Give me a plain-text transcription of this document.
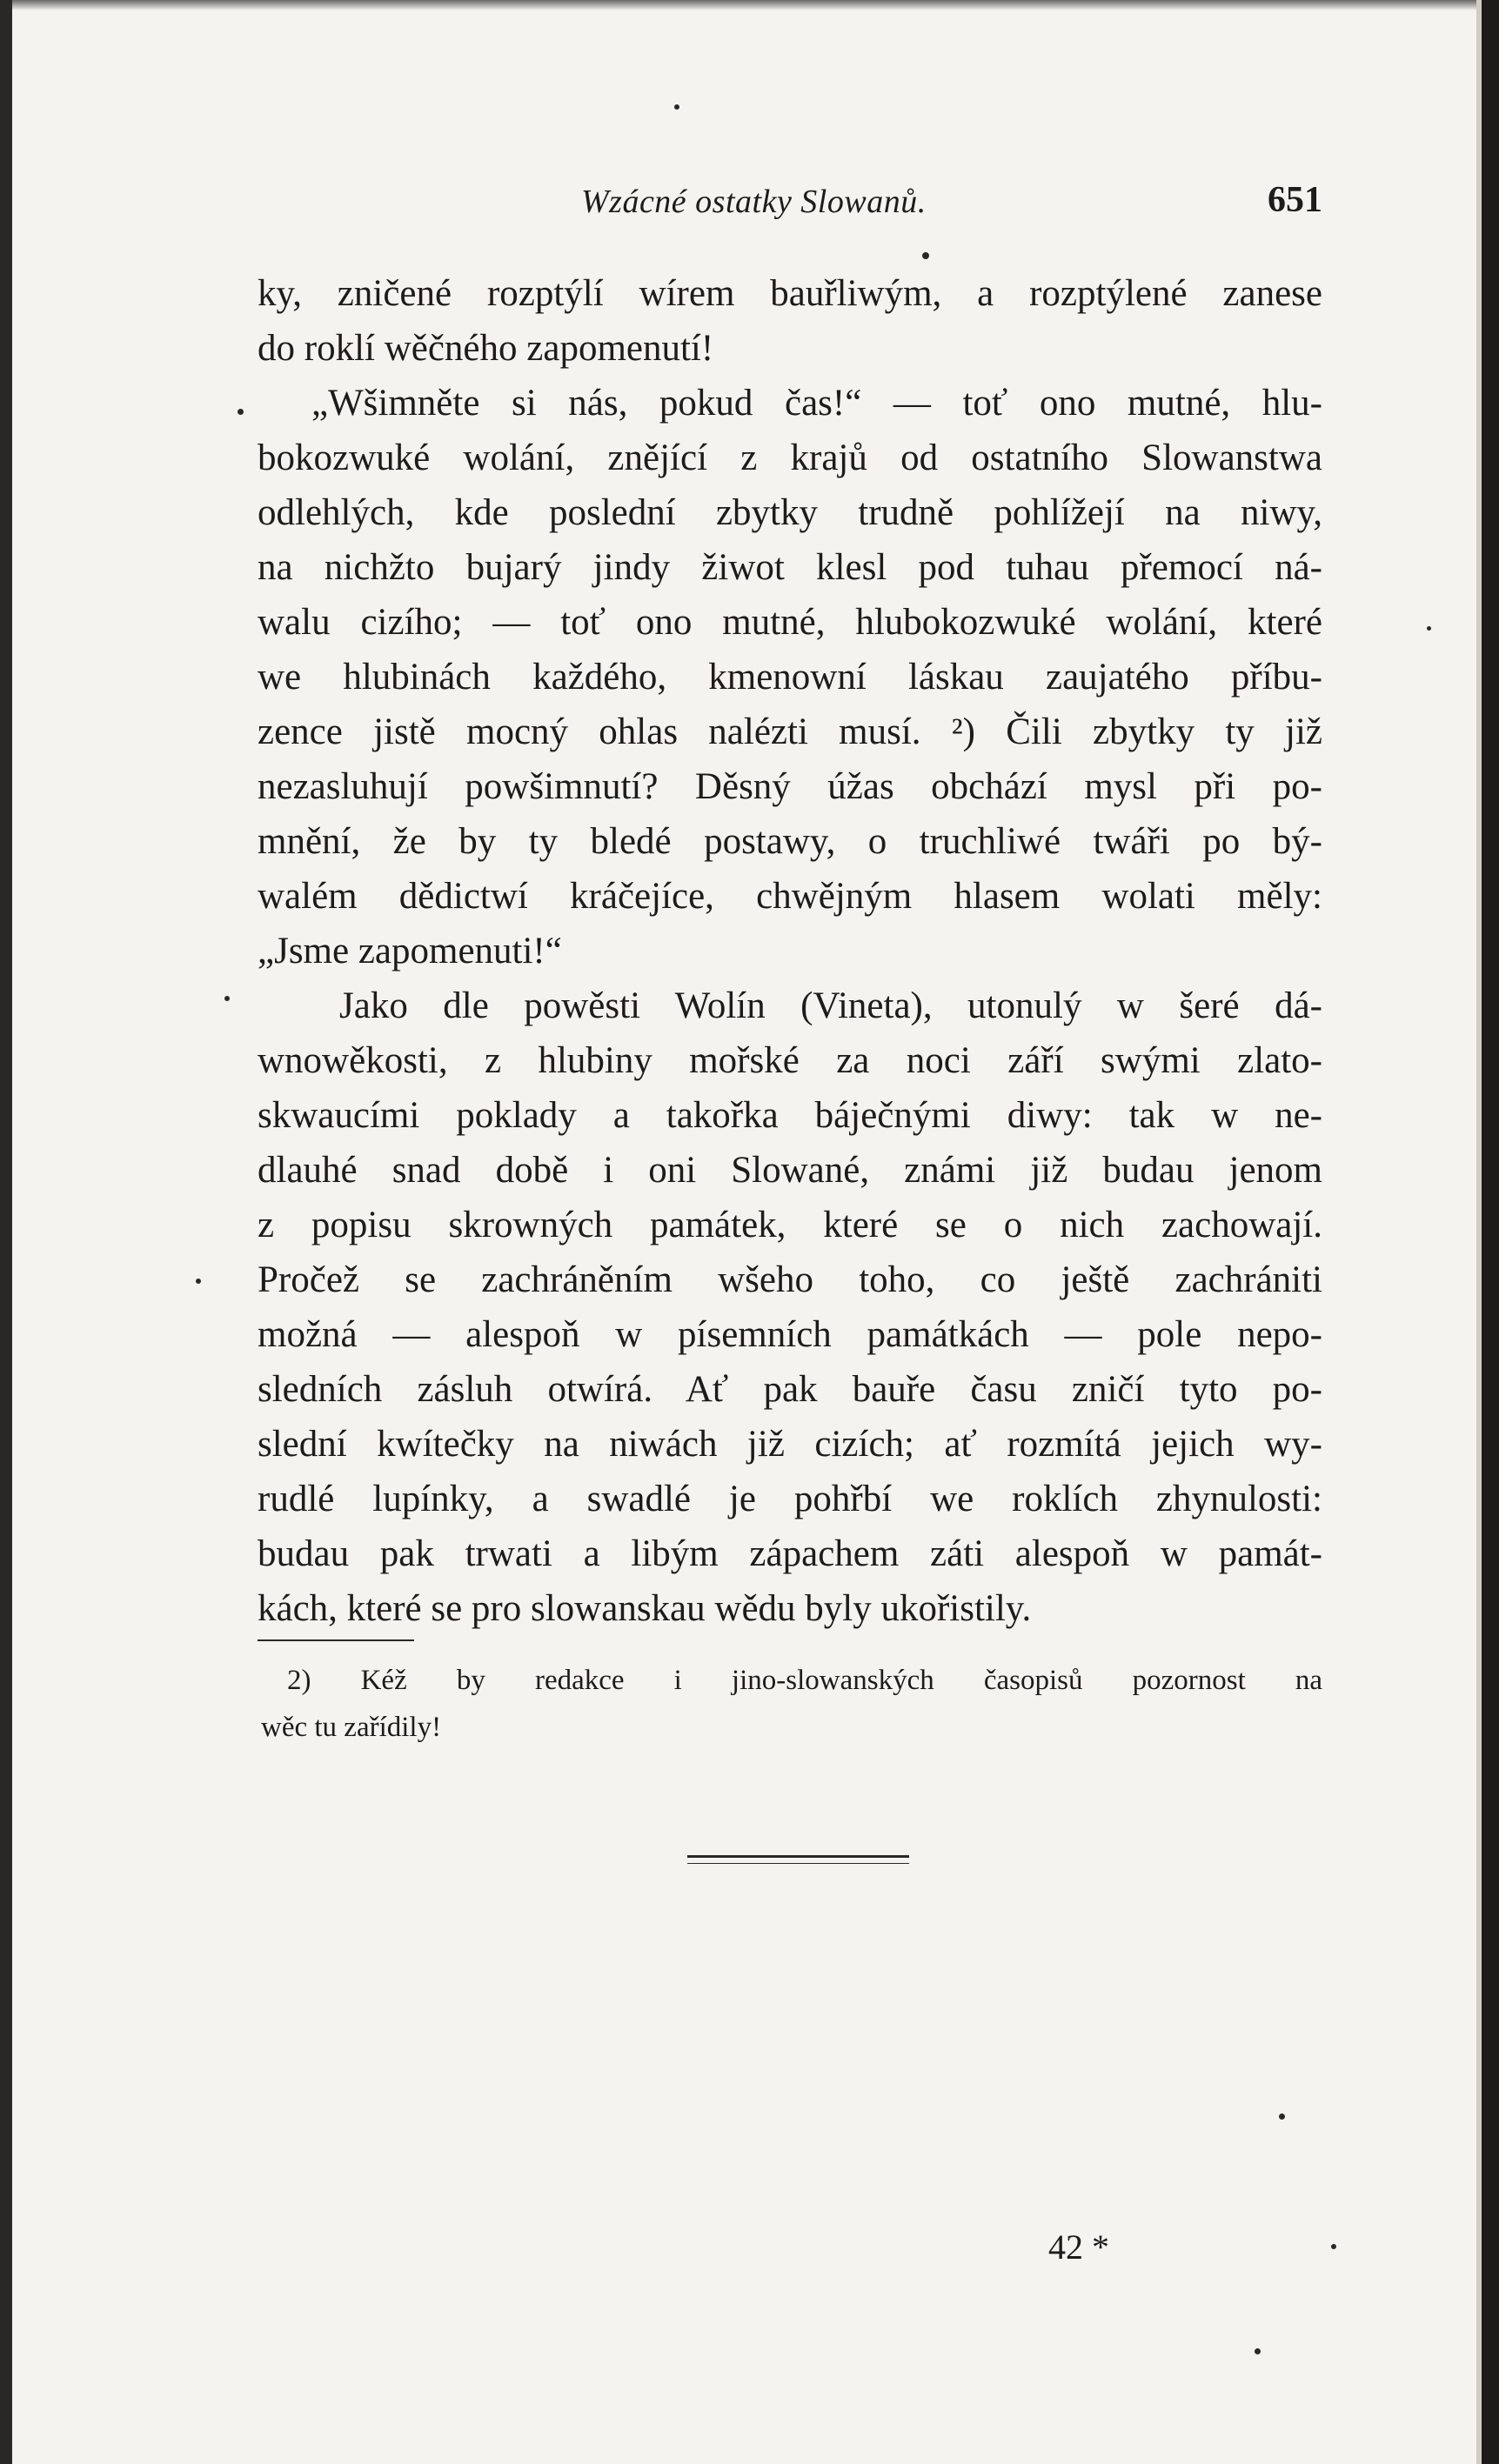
Wzácné ostatky Slowanů.	651
ky, zničené rozptýlí wírem bauřliwým, a rozptýlené zanese
do roklí wěčného zapomenutí!
„Wšimněte si nás, pokud čas!“ — toť ono mutné, hlu-
bokozwuké wolání, znějící z krajů od ostatního Slowanstwa
odlehlých, kde poslední zbytky trudně pohlížejí na niwy,
na nichžto bujarý jindy žiwot klesl pod tuhau přemocí ná-
walu cizího; — toť ono mutné, hlubokozwuké wolání, které
we hlubinách každého, kmenowní láskau zaujatého příbu-
zence jistě mocný ohlas nalézti musí. ²) Čili zbytky ty již
nezasluhují powšimnutí? Děsný úžas obchází mysl při po-
mnění, že by ty bledé postawy, o truchliwé twáři po bý-
walém dědictwí kráčejíce, chwějným hlasem wolati měly:
„Jsme zapomenuti!“
Jako dle powěsti Wolín (Vineta), utonulý w šeré dá-
wnowěkosti, z hlubiny mořské za noci září swými zlato-
skwaucími poklady a takořka báječnými diwy: tak w ne-
dlauhé snad době i oni Slowané, známi již budau jenom
z popisu skrowných památek, které se o nich zachowají.
Pročež se zachráněním wšeho toho, co ještě zachrániti
možná — alespoň w písemních památkách — pole nepo-
sledních zásluh otwírá. Ať pak bauře času zničí tyto po-
slední kwítečky na niwách již cizích; ať rozmítá jejich wy-
rudlé lupínky, a swadlé je pohřbí we roklích zhynulosti:
budau pak trwati a libým zápachem záti alespoň w památ-
kách, které se pro slowanskau wědu byly ukořistily.
2) Kéž by redakce i jino-slowanských časopisů pozornost na
wěc tu zařídily!
42 *
